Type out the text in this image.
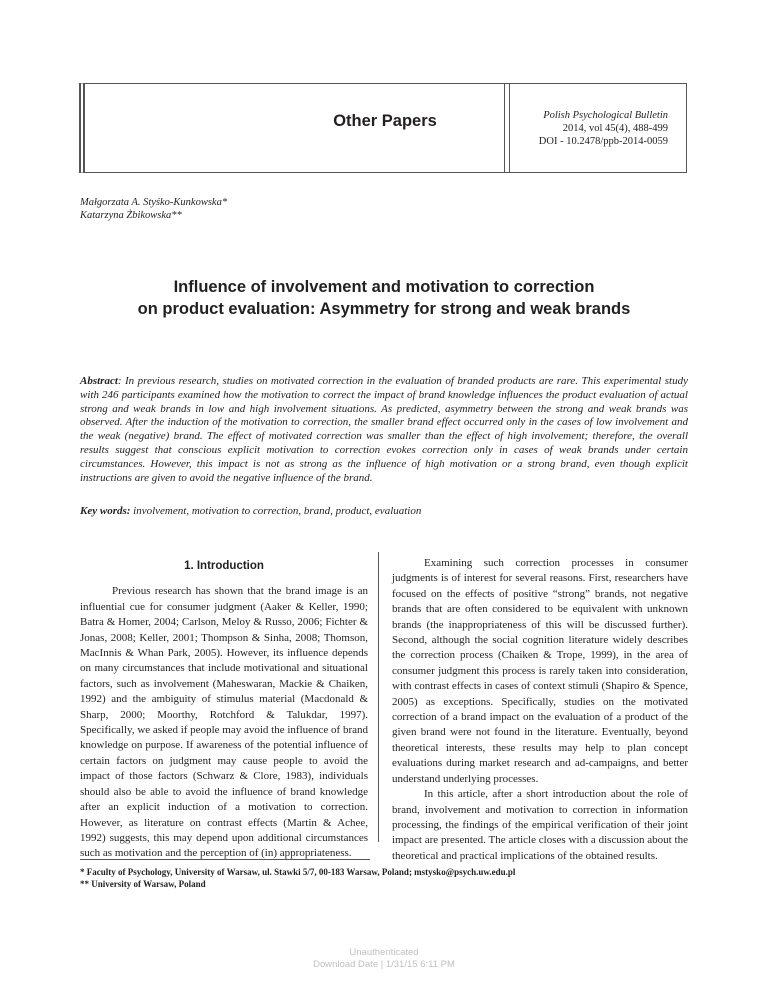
Other Papers	Polish Psychological Bulletin
2014, vol 45(4), 488-499
DOI - 10.2478/ppb-2014-0059
Małgorzata A. Styśko-Kunkowska*
Katarzyna Żbikowska**
Influence of involvement and motivation to correction
on product evaluation: Asymmetry for strong and weak brands
Abstract: In previous research, studies on motivated correction in the evaluation of branded products are rare. This experimental study with 246 participants examined how the motivation to correct the impact of brand knowledge influences the product evaluation of actual strong and weak brands in low and high involvement situations. As predicted, asymmetry between the strong and weak brands was observed. After the induction of the motivation to correction, the smaller brand effect occurred only in the cases of low involvement and the weak (negative) brand. The effect of motivated correction was smaller than the effect of high involvement; therefore, the overall results suggest that conscious explicit motivation to correction evokes correction only in cases of weak brands under certain circumstances. However, this impact is not as strong as the influence of high motivation or a strong brand, even though explicit instructions are given to avoid the negative influence of the brand.
Key words: involvement, motivation to correction, brand, product, evaluation
1. Introduction

Previous research has shown that the brand image is an influential cue for consumer judgment (Aaker & Keller, 1990; Batra & Homer, 2004; Carlson, Meloy & Russo, 2006; Fichter & Jonas, 2008; Keller, 2001; Thompson & Sinha, 2008; Thomson, MacInnis & Whan Park, 2005). However, its influence depends on many circumstances that include motivational and situational factors, such as involvement (Maheswaran, Mackie & Chaiken, 1992) and the ambiguity of stimulus material (Macdonald & Sharp, 2000; Moorthy, Rotchford & Talukdar, 1997). Specifically, we asked if people may avoid the influence of brand knowledge on purpose. If awareness of the potential influence of certain factors on judgment may cause people to avoid the impact of those factors (Schwarz & Clore, 1983), individuals should also be able to avoid the influence of brand knowledge after an explicit induction of a motivation to correction. However, as literature on contrast effects (Martin & Achee, 1992) suggests, this may depend upon additional circumstances such as motivation and the perception of (in) appropriateness.

Examining such correction processes in consumer judgments is of interest for several reasons. First, researchers have focused on the effects of positive “strong” brands, not negative brands that are often considered to be equivalent with unknown brands (the inappropriateness of this will be discussed further). Second, although the social cognition literature widely describes the correction process (Chaiken & Trope, 1999), in the area of consumer judgment this process is rarely taken into consideration, with contrast effects in cases of context stimuli (Shapiro & Spence, 2005) as exceptions. Specifically, studies on the motivated correction of a brand impact on the evaluation of a product of the given brand were not found in the literature. Eventually, beyond theoretical interests, these results may help to plan concept evaluations during market research and ad-campaigns, and better understand underlying processes.

In this article, after a short introduction about the role of brand, involvement and motivation to correction in information processing, the findings of the empirical verification of their joint impact are presented. The article closes with a discussion about the theoretical and practical implications of the obtained results.

* Faculty of Psychology, University of Warsaw, ul. Stawki 5/7, 00-183 Warsaw, Poland; mstysko@psych.uw.edu.pl
** University of Warsaw, Poland
Unauthenticated
Download Date | 1/31/15 6:11 PM
